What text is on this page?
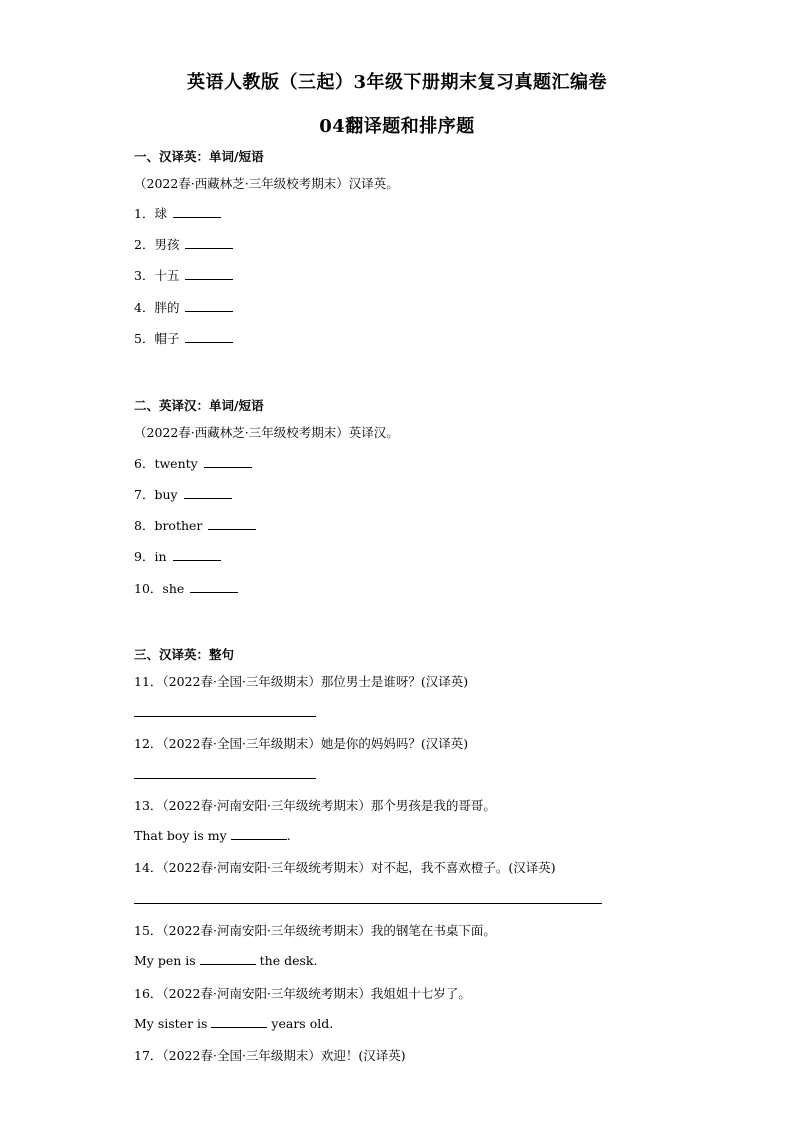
英语人教版（三起）3年级下册期末复习真题汇编卷
04翻译题和排序题
一、汉译英：单词/短语
（2022春·西藏林芝·三年级校考期末）汉译英。
1．球
2．男孩
3．十五
4．胖的
5．帽子
二、英译汉：单词/短语
（2022春·西藏林芝·三年级校考期末）英译汉。
6．twenty
7．buy
8．brother
9．in
10．she
三、汉译英：整句
11．（2022春·全国·三年级期末）那位男士是谁呀？(汉译英)
12．（2022春·全国·三年级期末）她是你的妈妈吗？(汉译英)
13．（2022春·河南安阳·三年级统考期末）那个男孩是我的哥哥。
That boy is my	.
14．（2022春·河南安阳·三年级统考期末）对不起，我不喜欢橙子。(汉译英)
15．（2022春·河南安阳·三年级统考期末）我的钢笔在书桌下面。
My pen is	the desk.
16．（2022春·河南安阳·三年级统考期末）我姐姐十七岁了。
My sister is	years old.
17．（2022春·全国·三年级期末）欢迎！(汉译英)
